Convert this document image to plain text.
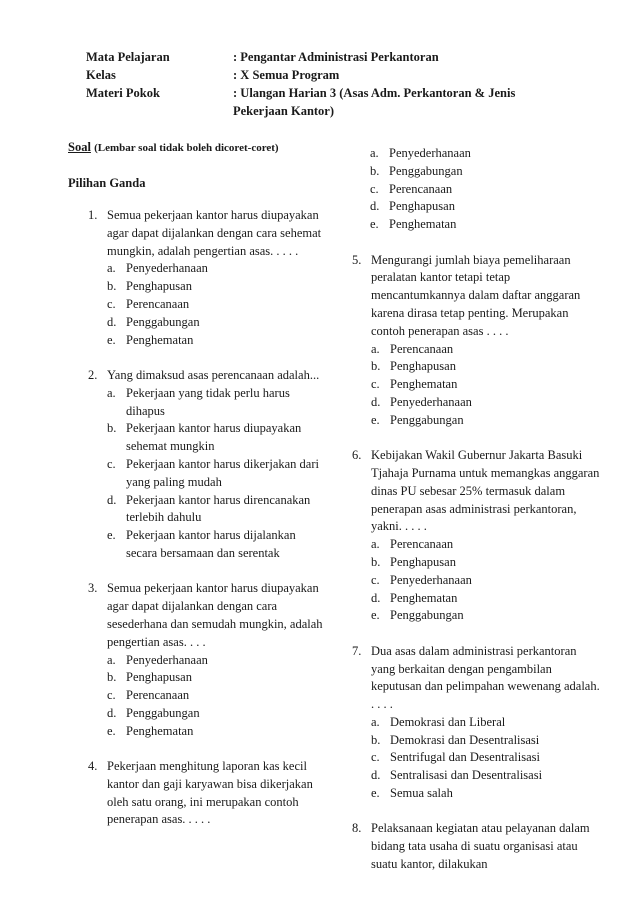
Mata Pelajaran	: Pengantar Administrasi Perkantoran
Kelas	: X Semua Program
Materi Pokok	: Ulangan Harian 3 (Asas Adm. Perkantoran & Jenis Pekerjaan Kantor)
Soal (Lembar soal tidak boleh dicoret-coret)
Pilihan Ganda
1. Semua pekerjaan kantor harus diupayakan agar dapat dijalankan dengan cara sehemat mungkin, adalah pengertian asas. . . . .
a. Penyederhanaan
b. Penghapusan
c. Perencanaan
d. Penggabungan
e. Penghematan
2. Yang dimaksud asas perencanaan adalah...
a. Pekerjaan yang tidak perlu harus dihapus
b. Pekerjaan kantor harus diupayakan sehemat mungkin
c. Pekerjaan kantor harus dikerjakan dari yang paling mudah
d. Pekerjaan kantor harus direncanakan terlebih dahulu
e. Pekerjaan kantor harus dijalankan secara bersamaan dan serentak
3. Semua pekerjaan kantor harus diupayakan agar dapat dijalankan dengan cara sesederhana dan semudah mungkin, adalah pengertian asas. . . .
a. Penyederhanaan
b. Penghapusan
c. Perencanaan
d. Penggabungan
e. Penghematan
4. Pekerjaan menghitung laporan kas kecil kantor dan gaji karyawan bisa dikerjakan oleh satu orang, ini merupakan contoh penerapan asas. . . . .
a. Penyederhanaan
b. Penggabungan
c. Perencanaan
d. Penghapusan
e. Penghematan
5. Mengurangi jumlah biaya pemeliharaan peralatan kantor tetapi tetap mencantumkannya dalam daftar anggaran karena dirasa tetap penting. Merupakan contoh penerapan asas . . . .
a. Perencanaan
b. Penghapusan
c. Penghematan
d. Penyederhanaan
e. Penggabungan
6. Kebijakan Wakil Gubernur Jakarta Basuki Tjahaja Purnama untuk memangkas anggaran dinas PU sebesar 25% termasuk dalam penerapan asas administrasi perkantoran, yakni. . . . .
a. Perencanaan
b. Penghapusan
c. Penyederhanaan
d. Penghematan
e. Penggabungan
7. Dua asas dalam administrasi perkantoran yang berkaitan dengan pengambilan keputusan dan pelimpahan wewenang adalah. . . . .
a. Demokrasi dan Liberal
b. Demokrasi dan Desentralisasi
c. Sentrifugal dan Desentralisasi
d. Sentralisasi dan Desentralisasi
e. Semua salah
8. Pelaksanaan kegiatan atau pelayanan dalam bidang tata usaha di suatu organisasi atau suatu kantor, dilakukan
